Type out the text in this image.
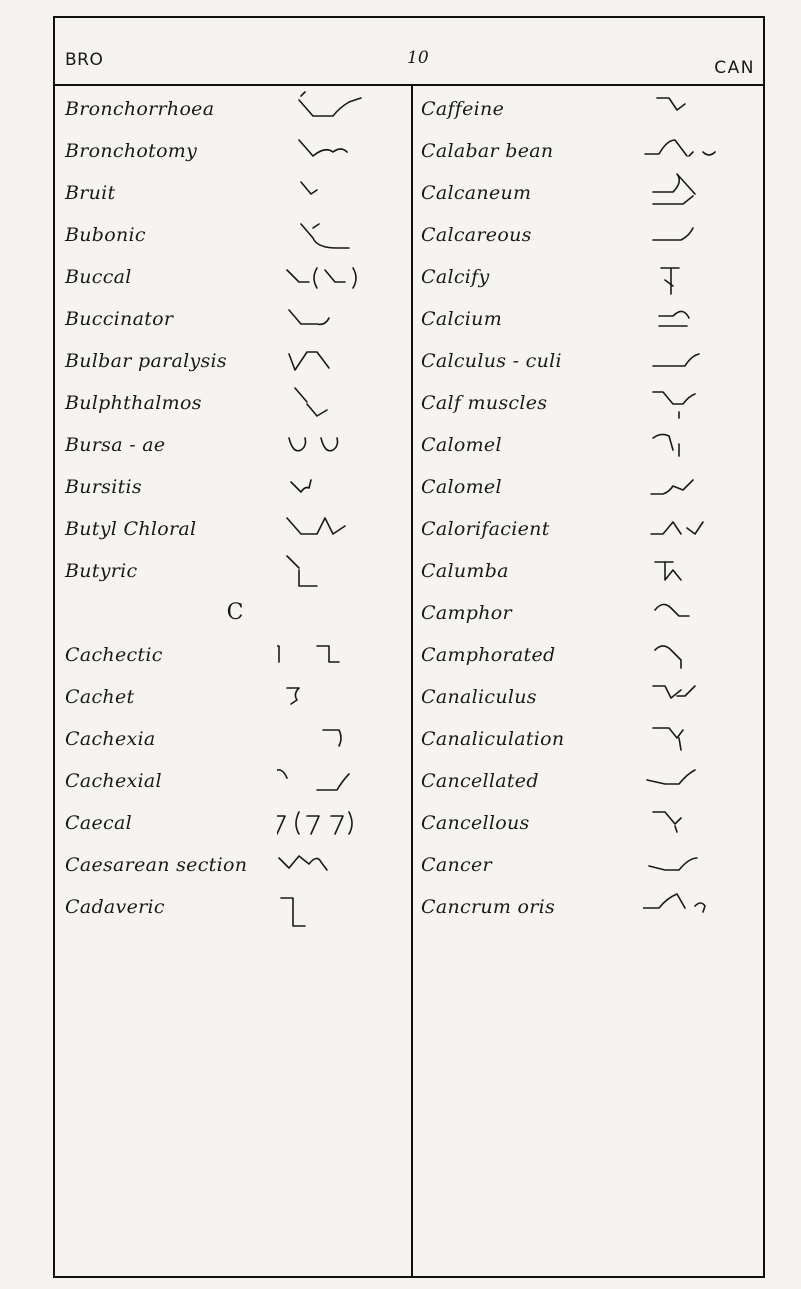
BRO	10	CAN
Bronchorrhoea
Bronchotomy
Bruit
Bubonic
Buccal
Buccinator
Bulbar paralysis
Bulphthalmos
Bursa - ae
Bursitis
Butyl Chloral
Butyric
C
Cachectic
Cachet
Cachexia
Cachexial
Caecal
Caesarean section
Cadaveric
Caffeine
Calabar bean
Calcaneum
Calcareous
Calcify
Calcium
Calculus - culi
Calf muscles
Calomel
Calomel
Calorifacient
Calumba
Camphor
Camphorated
Canaliculus
Canaliculation
Cancellated
Cancellous
Cancer
Cancrum oris
